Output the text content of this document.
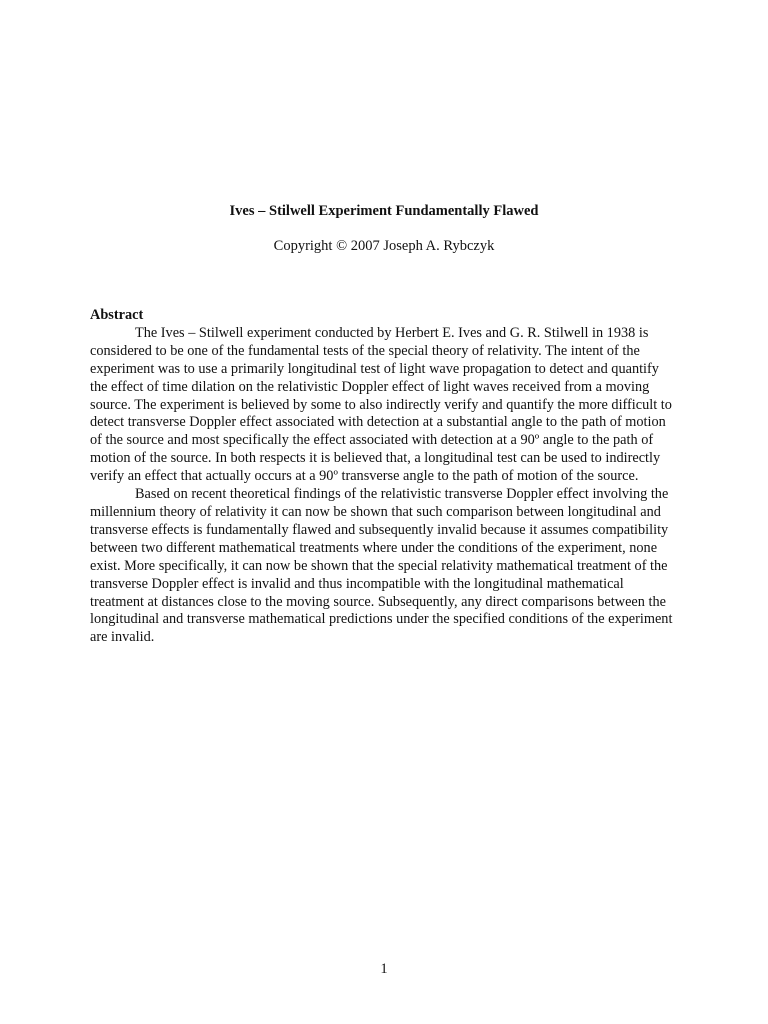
Ives – Stilwell Experiment Fundamentally Flawed
Copyright © 2007 Joseph A. Rybczyk

Abstract

The Ives – Stilwell experiment conducted by Herbert E. Ives and G. R. Stilwell in 1938 is considered to be one of the fundamental tests of the special theory of relativity. The intent of the experiment was to use a primarily longitudinal test of light wave propagation to detect and quantify the effect of time dilation on the relativistic Doppler effect of light waves received from a moving source. The experiment is believed by some to also indirectly verify and quantify the more difficult to detect transverse Doppler effect associated with detection at a substantial angle to the path of motion of the source and most specifically the effect associated with detection at a 90º angle to the path of motion of the source. In both respects it is believed that, a longitudinal test can be used to indirectly verify an effect that actually occurs at a 90º transverse angle to the path of motion of the source.

Based on recent theoretical findings of the relativistic transverse Doppler effect involving the millennium theory of relativity it can now be shown that such comparison between longitudinal and transverse effects is fundamentally flawed and subsequently invalid because it assumes compatibility between two different mathematical treatments where under the conditions of the experiment, none exist. More specifically, it can now be shown that the special relativity mathematical treatment of the transverse Doppler effect is invalid and thus incompatible with the longitudinal mathematical treatment at distances close to the moving source. Subsequently, any direct comparisons between the longitudinal and transverse mathematical predictions under the specified conditions of the experiment are invalid.

1
